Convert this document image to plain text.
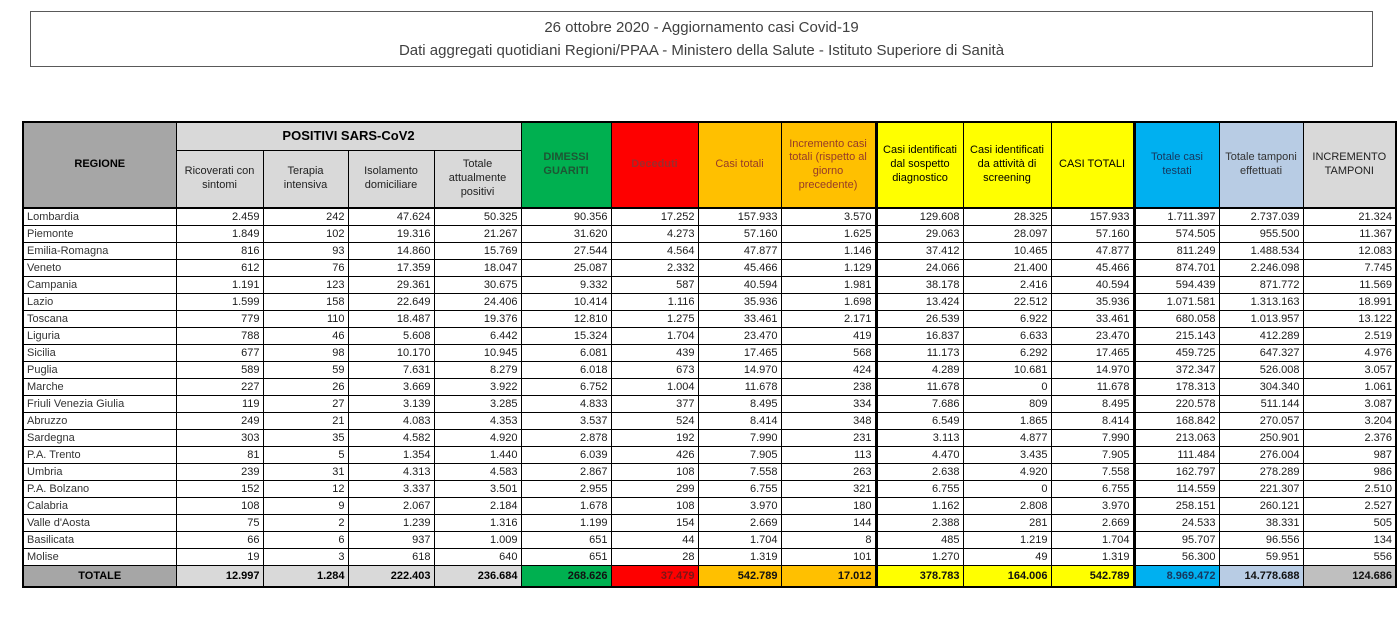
26 ottobre 2020 - Aggiornamento casi Covid-19
Dati aggregati quotidiani Regioni/PPAA - Ministero della Salute - Istituto Superiore di Sanità
REGIONE	POSITIVI SARS-CoV2				DIMESSI GUARITI	Deceduti	Casi totali	Incremento casi totali (rispetto al giorno precedente)	Casi identificati dal sospetto diagnostico	Casi identificati da attività di screening	CASI TOTALI	Totale casi testati	Totale tamponi effettuati	INCREMENTO TAMPONI
	Ricoverati con sintomi	Terapia intensiva	Isolamento domiciliare	Totale attualmente positivi										
Lombardia	2.459	242	47.624	50.325	90.356	17.252	157.933	3.570	129.608	28.325	157.933	1.711.397	2.737.039	21.324
Piemonte	1.849	102	19.316	21.267	31.620	4.273	57.160	1.625	29.063	28.097	57.160	574.505	955.500	11.367
Emilia-Romagna	816	93	14.860	15.769	27.544	4.564	47.877	1.146	37.412	10.465	47.877	811.249	1.488.534	12.083
Veneto	612	76	17.359	18.047	25.087	2.332	45.466	1.129	24.066	21.400	45.466	874.701	2.246.098	7.745
Campania	1.191	123	29.361	30.675	9.332	587	40.594	1.981	38.178	2.416	40.594	594.439	871.772	11.569
Lazio	1.599	158	22.649	24.406	10.414	1.116	35.936	1.698	13.424	22.512	35.936	1.071.581	1.313.163	18.991
Toscana	779	110	18.487	19.376	12.810	1.275	33.461	2.171	26.539	6.922	33.461	680.058	1.013.957	13.122
Liguria	788	46	5.608	6.442	15.324	1.704	23.470	419	16.837	6.633	23.470	215.143	412.289	2.519
Sicilia	677	98	10.170	10.945	6.081	439	17.465	568	11.173	6.292	17.465	459.725	647.327	4.976
Puglia	589	59	7.631	8.279	6.018	673	14.970	424	4.289	10.681	14.970	372.347	526.008	3.057
Marche	227	26	3.669	3.922	6.752	1.004	11.678	238	11.678	0	11.678	178.313	304.340	1.061
Friuli Venezia Giulia	119	27	3.139	3.285	4.833	377	8.495	334	7.686	809	8.495	220.578	511.144	3.087
Abruzzo	249	21	4.083	4.353	3.537	524	8.414	348	6.549	1.865	8.414	168.842	270.057	3.204
Sardegna	303	35	4.582	4.920	2.878	192	7.990	231	3.113	4.877	7.990	213.063	250.901	2.376
P.A. Trento	81	5	1.354	1.440	6.039	426	7.905	113	4.470	3.435	7.905	111.484	276.004	987
Umbria	239	31	4.313	4.583	2.867	108	7.558	263	2.638	4.920	7.558	162.797	278.289	986
P.A. Bolzano	152	12	3.337	3.501	2.955	299	6.755	321	6.755	0	6.755	114.559	221.307	2.510
Calabria	108	9	2.067	2.184	1.678	108	3.970	180	1.162	2.808	3.970	258.151	260.121	2.527
Valle d'Aosta	75	2	1.239	1.316	1.199	154	2.669	144	2.388	281	2.669	24.533	38.331	505
Basilicata	66	6	937	1.009	651	44	1.704	8	485	1.219	1.704	95.707	96.556	134
Molise	19	3	618	640	651	28	1.319	101	1.270	49	1.319	56.300	59.951	556
TOTALE	12.997	1.284	222.403	236.684	268.626	37.479	542.789	17.012	378.783	164.006	542.789	8.969.472	14.778.688	124.686
